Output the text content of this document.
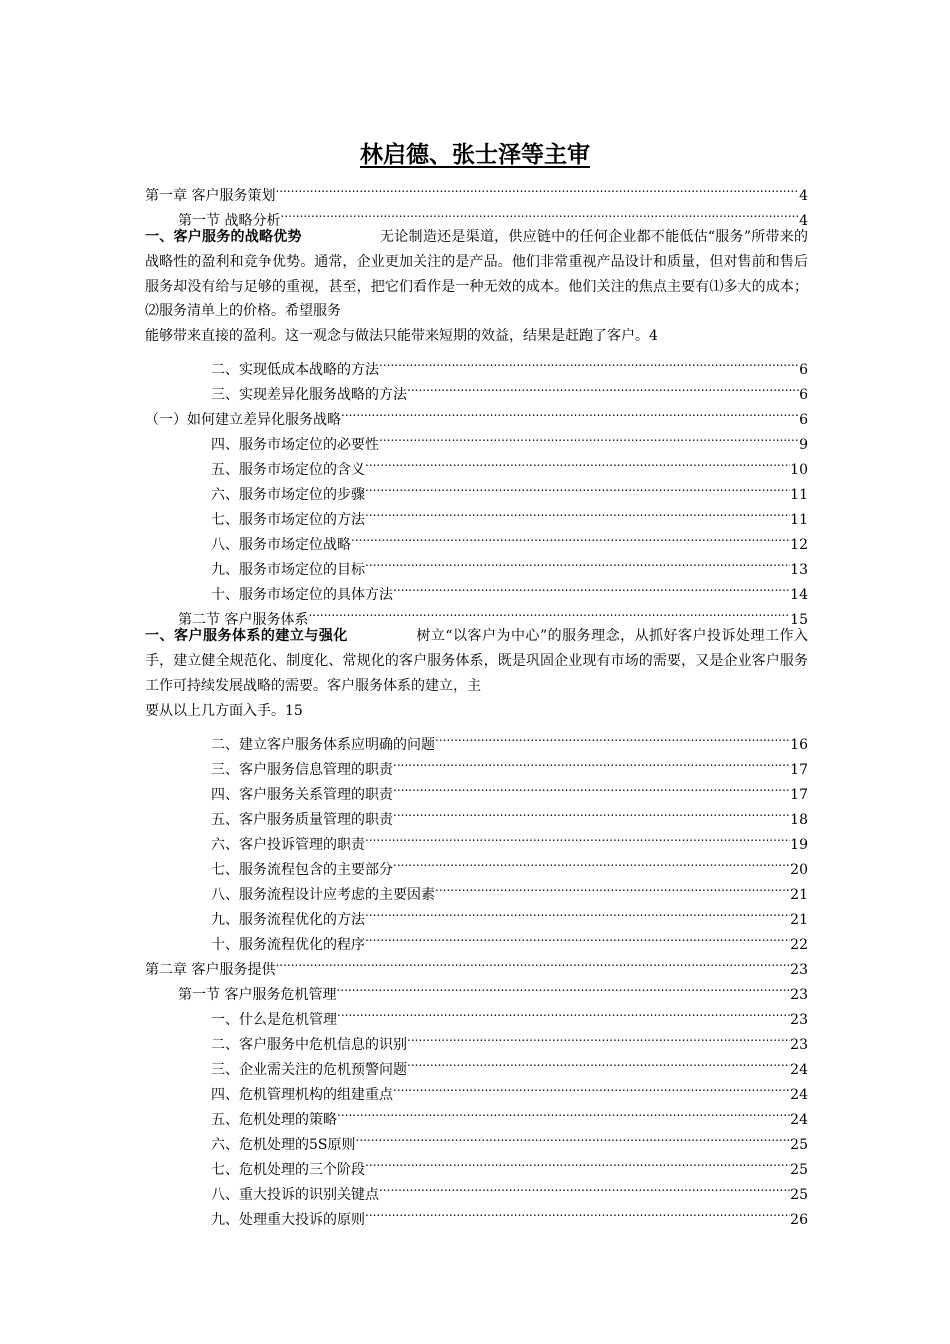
林启德、张士泽等主审
第一章 客户服务策划 .....	4
第一节 战略分析 .....	4
一、客户服务的战略优势	无论制造还是渠道，供应链中的任何企业都不能低估“服务”所带来的战略性的盈利和竞争优势。通常，企业更加关注的是产品。他们非常重视产品设计和质量，但对售前和售后服务却没有给与足够的重视，甚至，把它们看作是一种无效的成本。他们关注的焦点主要有⑴多大的成本；⑵服务清单上的价格。希望服务
能够带来直接的盈利。这一观念与做法只能带来短期的效益，结果是赶跑了客户。 4
二、实现低成本战略的方法 .....	6
三、实现差异化服务战略的方法 .....	6
（一）如何建立差异化服务战略 .....	6
四、服务市场定位的必要性 .....	9
五、服务市场定位的含义 .....	10
六、服务市场定位的步骤 .....	11
七、服务市场定位的方法 .....	11
八、服务市场定位战略 .....	12
九、服务市场定位的目标 .....	13
十、服务市场定位的具体方法 .....	14
第二节 客户服务体系 .....	15
一、客户服务体系的建立与强化	树立“以客户为中心”的服务理念，从抓好客户投诉处理工作入手，建立健全规范化、制度化、常规化的客户服务体系，既是巩固企业现有市场的需要，又是企业客户服务工作可持续发展战略的需要。客户服务体系的建立，主
要从以上几方面入手。 15
二、建立客户服务体系应明确的问题 .....	16
三、客户服务信息管理的职责 .....	17
四、客户服务关系管理的职责 .....	17
五、客户服务质量管理的职责 .....	18
六、客户投诉管理的职责 .....	19
七、服务流程包含的主要部分 .....	20
八、服务流程设计应考虑的主要因素 .....	21
九、服务流程优化的方法 .....	21
十、服务流程优化的程序 .....	22
第二章 客户服务提供 .....	23
第一节 客户服务危机管理 .....	23
一、什么是危机管理 .....	23
二、客户服务中危机信息的识别 .....	23
三、企业需关注的危机预警问题 .....	24
四、危机管理机构的组建重点 .....	24
五、危机处理的策略 .....	24
六、危机处理的5S原则 .....	25
七、危机处理的三个阶段 .....	25
八、重大投诉的识别关键点 .....	25
九、处理重大投诉的原则 .....	26
